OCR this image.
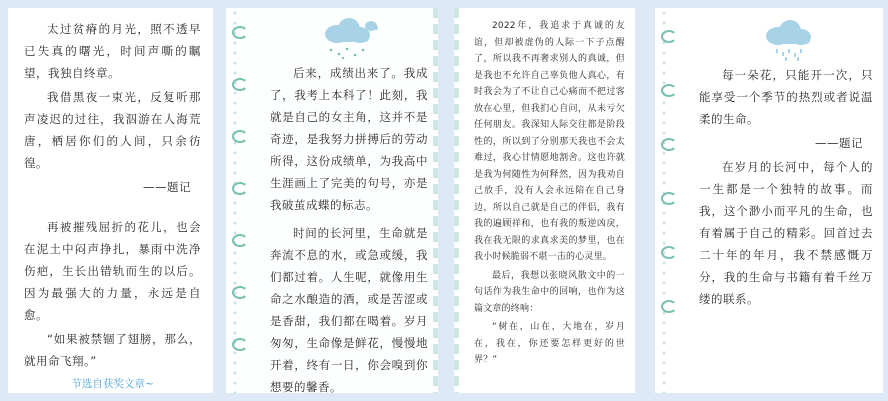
太过贫瘠的月光，照不透早已失真的曙光，时间声嘶的瞩望，我独自终章。

我借黑夜一束光，反复听那声凌迟的过往，我泅游在人海荒唐，栖居你们的人间，只余彷徨。

——题记

再被摧残屈折的花儿，也会在泥土中闷声挣扎，暴雨中洗净伤疤，生长出错轨而生的以后。因为最强大的力量，永远是自愈。

“如果被禁锢了翅膀，那么，就用命飞翔。”

节选自获奖文章~

后来，成绩出来了。我成了，我考上本科了！此刻，我就是自己的女主角，这并不是奇迹，是我努力拼搏后的劳动所得，这份成绩单，为我高中生涯画上了完美的句号，亦是我破茧成蝶的标志。

时间的长河里，生命就是奔流不息的水，或急或缓，我们都过着。人生呢，就像用生命之水酿造的酒，或是苦涩或是香甜，我们都在喝着。岁月匆匆，生命像是鲜花，慢慢地开着，终有一日，你会嗅到你想要的馨香。

2022年，我追求于真诚的友谊，但却被虚伪的人际一下子点醒了，所以我不再奢求别人的真诚，但是我也不允许自己辜负他人真心，有时我会为了不让自己心痛而不把过客放在心里，但我扪心自问，从未亏欠任何朋友。我深知人际交往都是阶段性的，所以到了分别那天我也不会太难过，我心甘情愿地割舍。这也许就是我为何随性为何释然，因为我劝自己放手，没有人会永远陪在自己身边，所以自己就是自己的伴侣，我有我的遍顾祥和，也有我的叛逆凶戾，我在我无限的求真求美的梦里，也在我小时候脆弱不堪一击的心灵里。

最后，我想以张晓风散文中的一句话作为我生命中的回响，也作为这篇文章的终响：

“树在，山在，大地在，岁月在，我在，你还要怎样更好的世界？”

每一朵花，只能开一次，只能享受一个季节的热烈或者说温柔的生命。

——题记

在岁月的长河中，每个人的一生都是一个独特的故事。而我，这个渺小而平凡的生命，也有着属于自己的精彩。回首过去二十年的年月，我不禁感慨万分，我的生命与书籍有着千丝万缕的联系。
